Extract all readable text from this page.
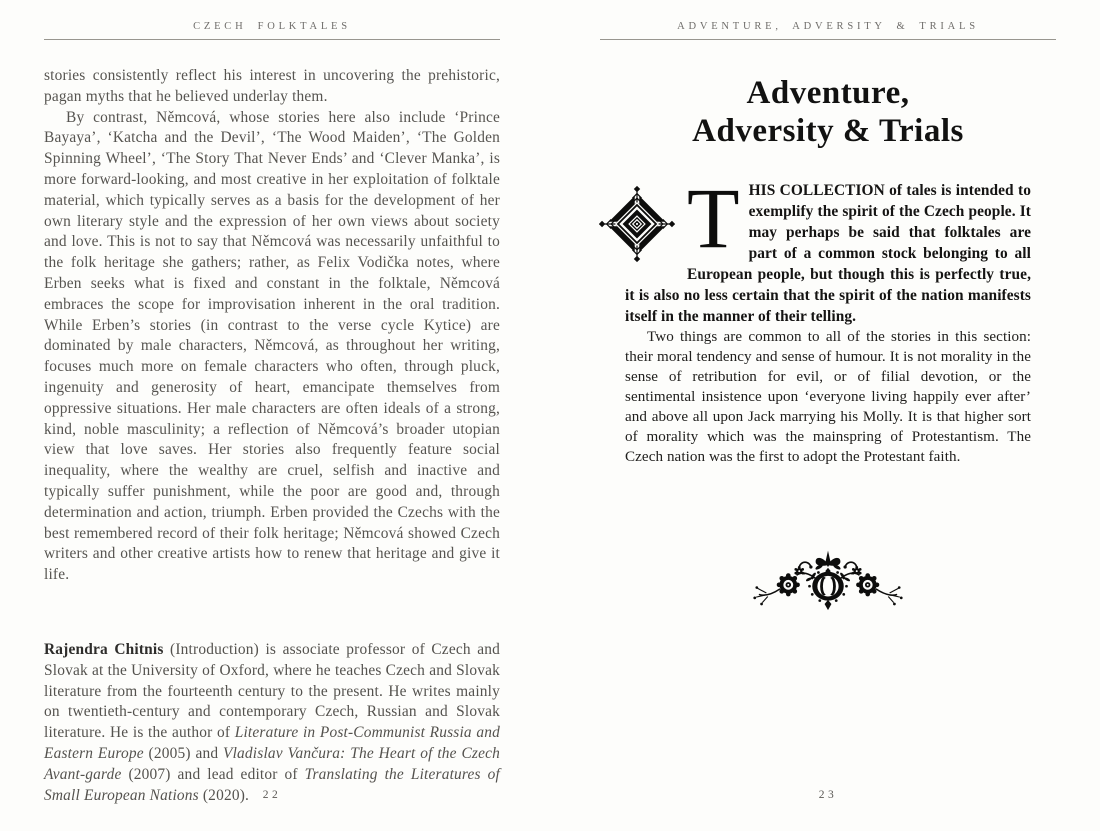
CZECH FOLKTALES

stories consistently reflect his interest in uncovering the prehistoric, pagan myths that he believed underlay them.

By contrast, Němcová, whose stories here also include ‘Prince Bayaya’, ‘Katcha and the Devil’, ‘The Wood Maiden’, ‘The Golden Spinning Wheel’, ‘The Story That Never Ends’ and ‘Clever Manka’, is more forward-looking, and most creative in her exploitation of folktale material, which typically serves as a basis for the development of her own literary style and the expression of her own views about society and love. This is not to say that Němcová was necessarily unfaithful to the folk heritage she gathers; rather, as Felix Vodička notes, where Erben seeks what is fixed and constant in the folktale, Němcová embraces the scope for improvisation inherent in the oral tradition. While Erben’s stories (in contrast to the verse cycle Kytice) are dominated by male characters, Němcová, as throughout her writing, focuses much more on female characters who often, through pluck, ingenuity and generosity of heart, emancipate themselves from oppressive situations. Her male characters are often ideals of a strong, kind, noble masculinity; a reflection of Němcová’s broader utopian view that love saves. Her stories also frequently feature social inequality, where the wealthy are cruel, selfish and inactive and typically suffer punishment, while the poor are good and, through determination and action, triumph. Erben provided the Czechs with the best remembered record of their folk heritage; Němcová showed Czech writers and other creative artists how to renew that heritage and give it life.

Rajendra Chitnis (Introduction) is associate professor of Czech and Slovak at the University of Oxford, where he teaches Czech and Slovak literature from the fourteenth century to the present. He writes mainly on twentieth-century and contemporary Czech, Russian and Slovak literature. He is the author of Literature in Post-Communist Russia and Eastern Europe (2005) and Vladislav Vančura: The Heart of the Czech Avant-garde (2007) and lead editor of Translating the Literatures of Small European Nations (2020).	22
ADVENTURE, ADVERSITY & TRIALS
Adventure,
Adversity & Trials
THIS COLLECTION of tales is intended to exemplify the spirit of the Czech people. It may perhaps be said that folktales are part of a common stock belonging to all European people, but though this is perfectly true, it is also no less certain that the spirit of the nation manifests itself in the manner of their telling.

Two things are common to all of the stories in this section: their moral tendency and sense of humour. It is not morality in the sense of retribution for evil, or of filial devotion, or the sentimental insistence upon ‘everyone living happily ever after’ and above all upon Jack marrying his Molly. It is that higher sort of morality which was the mainspring of Protestantism. The Czech nation was the first to adopt the Protestant faith.

23
